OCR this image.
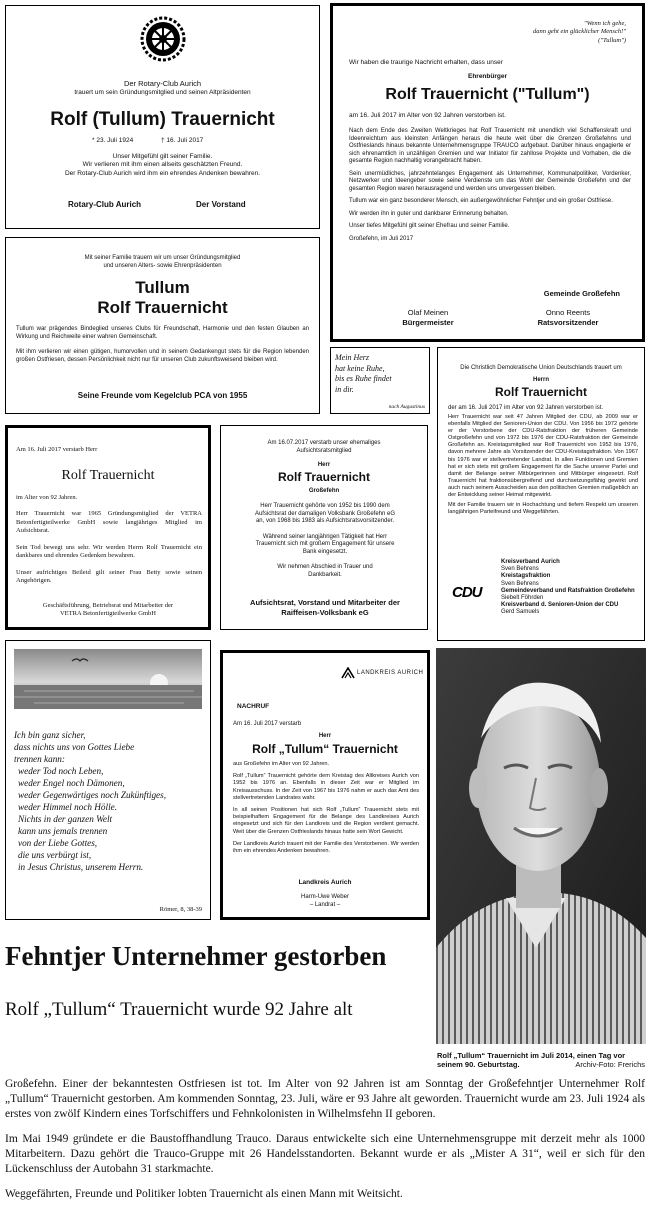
Der Rotary-Club Aurich

trauert um sein Gründungsmitglied und seinen Altpräsidenten

Rolf (Tullum) Trauernicht
* 23. Juli 1924	† 16. Juli 2017

Unser Mitgefühl gilt seiner Familie.

Wir verlieren mit ihm einen allseits geschätzten Freund.

Der Rotary-Club Aurich wird ihm ein ehrendes Andenken bewahren.

Rotary-Club Aurich	Der Vorstand

"Wenn ich gehe,

dann geht ein glücklicher Mensch!"

("Tullum")

Wir haben die traurige Nachricht erhalten, dass unser
Ehrenbürger
Rolf Trauernicht ("Tullum")
am 16. Juli 2017 im Alter von 92 Jahren verstorben ist.

Nach dem Ende des Zweiten Weltkrieges hat Rolf Trauernicht mit unendlich viel Schaffenskraft und Ideenreichtum aus kleinsten Anfängen heraus die heute weit über die Grenzen Großefehns und Ostfrieslands hinaus bekannte Unternehmensgruppe TRAUCO aufgebaut. Darüber hinaus engagierte er sich ehrenamtlich in unzähligen Gremien und war Initiator für zahllose Projekte und Vorhaben, die die gesamte Region nachhaltig vorangebracht haben.

Sein unermüdliches, jahrzehntelanges Engagement als Unternehmer, Kommunalpolitiker, Vordenker, Netzwerker und Ideengeber sowie seine Verdienste um das Wohl der Gemeinde Großefehn und der gesamten Region waren herausragend und werden uns unvergessen bleiben.

Tullum war ein ganz besonderer Mensch, ein außergewöhnlicher Fehntjer und ein großer Ostfriese.

Wir werden ihn in guter und dankbarer Erinnerung behalten.

Unser tiefes Mitgefühl gilt seiner Ehefrau und seiner Familie.

Großefehn, im Juli 2017

Gemeinde Großefehn

Olaf Meinen

Bürgermeister

Onno Reents

Ratsvorsitzender

Mit seiner Familie trauern wir um unser Gründungsmitglied

und unseren Alters- sowie Ehrenpräsidenten

Tullum

Rolf Trauernicht

Tullum war prägendes Bindeglied unseres Clubs für Freundschaft, Harmonie und den festen Glauben an Wirkung und Reichweite einer wahren Gemeinschaft.

Mit ihm verlieren wir einen gütigen, humorvollen und in seinem Gedankengut stets für die Region lebenden großen Ostfriesen, dessen Persönlichkeit nicht nur für unseren Club zukunftsweisend bleiben wird.

Seine Freunde vom Kegelclub PCA von 1955

Mein Herz

hat keine Ruhe,

bis es Ruhe findet

in dir.

nach Augustinus
Die Christlich Demokratische Union Deutschlands trauert um
Herrn
Rolf Trauernicht
der am 16. Juli 2017 im Alter von 92 Jahren verstorben ist.

Herr Trauernicht war seit 47 Jahren Mitglied der CDU, ab 2009 war er ebenfalls Mitglied der Senioren-Union der CDU. Von 1956 bis 1972 gehörte er der Verstorbene der CDU-Ratsfraktion der früheren Gemeinde Ostgroßefehn und von 1972 bis 1976 der CDU-Ratsfraktion der Gemeinde Großefehn an. Kreistagsmitglied war Rolf Trauernicht von 1952 bis 1976, davon mehrere Jahre als Vorsitzender der CDU-Kreistagsfraktion. Von 1967 bis 1976 war er stellvertretender Landrat. In allen Funktionen und Gremien hat er sich stets mit großem Engagement für die Sache unserer Partei und damit der Belange seiner Mitbürgerinnen und Mitbürger eingesetzt. Rolf Trauernicht hat fraktionsübergreifend und durchsetzungsfähig gewirkt und auch nach seinem Ausscheiden aus den politischen Gremien maßgeblich an der Entwicklung seiner Heimat mitgewirkt.

Mit der Familie trauern wir in Hochachtung und tiefem Respekt um unseren langjährigen Parteifreund und Weggefährten.

CDU

Kreisverband Aurich

Sven Behrens

Kreistagsfraktion

Sven Behrens

Gemeindeverband und Ratsfraktion Großefehn

Siebelt Föhrden

Kreisverband d. Senioren-Union der CDU

Gerd Samuels

Am 16. Juli 2017 verstarb Herr
Rolf Trauernicht

im Alter von 92 Jahren.

Herr Trauernicht war 1965 Gründungsmitglied der VETRA Betonfertigteilwerke GmbH sowie langjähriges Mitglied im Aufsichtsrat.

Sein Tod bewegt uns sehr. Wir werden Herrn Rolf Trauernicht ein dankbares und ehrendes Gedenken bewahren.

Unser aufrichtiges Beileid gilt seiner Frau Betty sowie seinen Angehörigen.

Geschäftsführung, Betriebsrat und Mitarbeiter der

VETRA Betonfertigteilwerke GmbH

Am 16.07.2017 verstarb unser ehemaliges

Aufsichtsratsmitglied

Herr
Rolf Trauernicht
Großefehn

Herr Trauernicht gehörte von 1952 bis 1990 dem Aufsichtsrat der damaligen Volksbank Großefehn eG an, von 1968 bis 1983 als Aufsichtsratsvorsitzender.

Während seiner langjährigen Tätigkeit hat Herr Trauernicht sich mit großem Engagement für unsere Bank eingesetzt.

Wir nehmen Abschied in Trauer und Dankbarkeit.

Aufsichtsrat, Vorstand und Mitarbeiter der Raiffeisen-Volksbank eG

Ich bin ganz sicher,

dass nichts uns von Gottes Liebe

trennen kann:

weder Tod noch Leben,

weder Engel noch Dämonen,

weder Gegenwärtiges noch Zukünftiges,

weder Himmel noch Hölle.

Nichts in der ganzen Welt

kann uns jemals trennen

von der Liebe Gottes,

die uns verbürgt ist,

in Jesus Christus, unserem Herrn.

Römer, 8, 38-39
LANDKREIS AURICH
NACHRUF
Am 16. Juli 2017 verstarb
Herr
Rolf „Tullum“ Trauernicht

aus Großefehn im Alter von 92 Jahren.

Rolf „Tullum“ Trauernicht gehörte dem Kreistag des Altkreises Aurich von 1952 bis 1976 an. Ebenfalls in dieser Zeit war er Mitglied im Kreisausschuss. In der Zeit von 1967 bis 1976 nahm er auch das Amt des stellvertretenden Landrates wahr.

In all seinen Positionen hat sich Rolf „Tullum“ Trauernicht stets mit beispielhaftem Engagement für die Belange des Landkreises Aurich eingesetzt und sich für den Landkreis und die Region verdient gemacht. Weit über die Grenzen Ostfrieslands hinaus hatte sein Wort Gewicht.

Der Landkreis Aurich trauert mit der Familie des Verstorbenen. Wir werden ihm ein ehrendes Andenken bewahren.

Landkreis Aurich

Harm-Uwe Weber

– Landrat –

Rolf „Tullum“ Trauernicht im Juli 2014, einen Tag vor seinem 90. Geburtstag.	Archiv-Foto: Frerichs
Fehntjer Unternehmer gestorben
Rolf „Tullum“ Trauernicht wurde 92 Jahre alt

Großefehn. Einer der bekanntesten Ostfriesen ist tot. Im Alter von 92 Jahren ist am Sonntag der Großefehntjer Unternehmer Rolf „Tullum“ Trauernicht gestorben. Am kommenden Sonntag, 23. Juli, wäre er 93 Jahre alt geworden. Trauernicht wurde am 23. Juli 1924 als erstes von zwölf Kindern eines Torfschiffers und Fehnkolonisten in Wilhelmsfehn II geboren.

Im Mai 1949 gründete er die Baustoffhandlung Trauco. Daraus entwickelte sich eine Unternehmensgruppe mit derzeit mehr als 1000 Mitarbeitern. Dazu gehört die Trauco-Gruppe mit 26 Handelsstandorten. Bekannt wurde er als „Mister A 31“, weil er sich für den Lückenschluss der Autobahn 31 starkmachte.

Weggefährten, Freunde und Politiker lobten Trauernicht als einen Mann mit Weitsicht.
